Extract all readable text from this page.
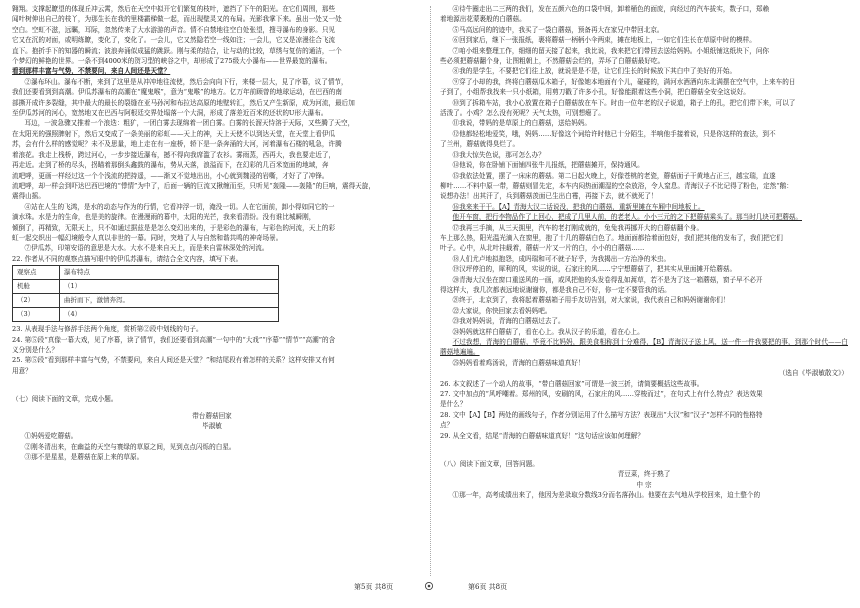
翱翔。支撑起瞭望的体现丘冲云霄，然后在天空中拟开它们繁复的枝叶，遮挡了下午的阳光。在它们周围，那些

闻叶树伸出自己的枝丫，为那生长在我的里楼霸梯做一起，而出现壁灵又的布局。光影我掌下来。虽出一处又一处

空白。空虹不滋，远瞩，耳际，忽然传来了大水游游的声音。情不自禁地往空白处张望，搜寻瀑布的身影。只见

它又在沉的对面，或明练瞭，变化了，变化了。一会儿，它又然隐若空一线如注；一会儿，它又是凉漫往合飞流

直下。抱折手下的知器的瞬流；波浪奔涌似成猛的跳跃。刚与柔的结合，让与动的比较，草绣与复仿的通洁，一个

个梦幻的鲜艳的世界。一条不到4000米的贺习型的峡谷之中，却形成了275级大小瀑布——世界最宽的瀑布。

看到那样丰富与气势，不禁要问，来自人间还是天堂？

②瀑布环山。瀑布不断，来到了这里是从冲冲地往流使，然后会向向下行，来楼一层大，見了序幕，议了情节，

我们还要看到到高潮。伊瓜苏瀑布的高潮在“魔鬼喉”，意为“鬼喉”的地方。亿万年前顾曾的地球运动，在巴西的南

部撕开成许多裂缝，其中最大的最长的裂缝在亚马孙河和布拉达高原的地壁转汇，然后又产生新原，成为河流，最后加

至伊瓜苏河的河心，宽然地又在巴西与阿根廷交界处塌落一个大洞，形成了落差近百米的还状的U形大瀑布。

耳边，一波急骤又推着一个浪迭：粗犷，一团白雾去现绵着一团白雾。白雾的长溜天恃溶于天际，又些腾了天空，

在太阳光的强照脾射下，然后又变成了一条美丽的彩虹——天上的神，天上天使不以到达天堂，在天堂上看伊瓜

苏，会有什么样的感觉呢？未不及思量，地上走在有一座桥，轿下是一条奔涌的大河，河着瀑布石楼的吼急，许腾

着浪花。我走上栈桥，跨过河心，一步步接近瀑布，撼不得向我席滥了农衫。雾雨蒸，西再大，我也要走近了，

再走近。走到了桥的尽头，拐瞄着那倒头鑫鼓的瀑布，势从天落，浪溢而下，在幻彩的几百米宽面的地域，奔

流吧哮，更画一样经过这一个个浅流的把持遥，——渐又不觉地出出，小心就到魏浸的岩嘶，才好了了冲锋。

流吧哮，却一样会到吓达巴西巴境的“悸情”为中了，后面一辆的巨流又揪缠而至，只听见“轰隆——轰隆”的巨响，震得天旋，

震得山摇。

④站在人生的飞鸿，是水的动态与作为的行情，它看冲浮一切，淹没一切。人在它面前，卸小得如同它的一

滴水珠。水是力的生命，也是美的旋律。在漫漫雨的幕中，太阳的光芒，我来看清纷。没有谁比城瞬刚，

倾倒了，再精致，无限天上，只不如通过据兹是是怎么变幻出来的，于是彩色的瀑布，与彩色的河流，天上的彩

虹一起交织出一幅幻境般令人真以非世的一幕。同时，突地了人与自然和谐共鸣的神奇场景。

⑦伊瓜苏，印第安语的意思是大水。大水不是来自天上，而是来自雷林深处的河流。

22. 作者从不同的观察点描写眼中的伊瓜苏瀑布，请结合全文内容，填写下表。

观察点	瀑布特点
机舱	（1）
（2）	曲折而下，激情奔泻。
（3）	（4）

23. 从表现手法与修辞手法两个角度，赏析第②段中划线的句子。

24. 第⑤段“真像一幕大戏，见了序幕，读了情节，我们还要看到高潮”一句中的“大戏”“序幕”“情节”“高潮”的含

义分别是什么？

25. 第⑤段“看到那样丰富与气势，不禁要问，来自人间还是天堂？”和结尾段有着怎样的关系？这样安排又有何

用意？

（七）阅读下面的文章，完成小题。

带台蘑菇回家

毕淑敏

①妈妈爱吃蘑菇。

②刚冬清出来，在幽益的天空与寰绿的草原之间，见到点点闪烁的白星。

③那不是星星，是蘑菇在原上来的草原。

④待牛圈走出二三两的我们，发在五颜六色的口袋中间，卸着桶色的面庞，向经过的汽车拔实，数子口，郑赖

着地源出花蒙裹般的白蘑菇。

⑤马高远问的的迹中，我买了一袋白蘑菇，预备再大在家兄中带回北京。

⑥回到家后，继下一张报纸，裹将蘑菇一柄柄小伞两束，摊在地板上，一如它们生长在草原中时的模样。

⑦咱小组来整理工作，细细的留天接了起来，我比说，我来把它们带回去送给妈妈。小姐纸铺这纸块下，问你

些必须把蘑菇翻个身，让图粗朝上，不然蘑菇会烂的，弄坏了白蘑菇最好吃。

⑧我的是学生，不要把它们往上放，就说是是不是，让它们生长的时候放下其白中了美好的开始。

⑨穿了小却的我，终将白蘑菇瓜木箱子，好像她本地面有个儿，碰碰的，满河水酒酒向东北满摆在空气中，上来车的日

子到了，小组帮我找来一只小纸箱，用剪刀戳了许多小孔，好像能跟着这些小洞，把白蘑菇全安全这说好。

⑩到了拆箱车站，我小心放置在箱子白蘑菇放在车下。时由一位年老的汉子说道，箱子上的孔，把它们带下来，可以了

活泼了。小鸡？怎么没有死呢？天气太热，可别想瘪了。

⑪我说，带妈的是草原上的白蘑菇，送给妈妈。

⑫他都轻松地爱笑，哦，妈妈……好像这个词给许时他已十分陌生，半响他手接着说，只是你这样的查法，到不

了兰州，蘑菇就得臭烂了。

⑬我大惊失色说，那可怎么办？

⑭他说，你在卧铺下面铺四张牛儿报纸，把蘑菇摊开，保持通风。

⑮我依法处置，摆了一床床的蘑菇。第二日起火晚上，好像苍桃的老瓷，蘑菇面子干黄地占正三，越宝瑞，直遂

柳叶……不料中原一带，蘑菇则冒先定，本车内闷热面潮湿的空杂放浴，令人窒息。青海汉子不比记得了粉色，定然“鹅：

说想办法！出其汗了，兵到蘑菇羡面已生出白霉，再接下去，就不就死了！

⑯我来来干干。【A】青海大汉二话说没，把我的白蘑菇，重新里摊在车厢中间地板上。

他开车窗，把行李物品作了上回心，把成了几里人前，的老老人。小小三元的之下把蘑菇乘头了。那当时几块可把蘑菇。

⑰我再三手摘，从三天拥里，汽车的老打刚成就的，兔兔我再挪开大的白蘑菇翻个身。

车上那么热，阳光温光滴入在窗里，抱了十几的蘑菇白色了。地面面都拾着面包好，我们把其他的发布了，我们把它们

叶子。心中，从北叶挂载着，蘑菇一片又一片的白，小小的白蘑菇……

⑱人们尤卢地拟抱怨，成吗瑞和可不就子好乎，为我揭出一方治净的米虫。

⑲汉坪停泊的，犀利的风，实说的说，石家庄的风……宁宁想蘑菇了，把其实从里面摊开给蘑菇。

⑳青海大汉坐在窗口重送风的一画，或风把他的头发卷得乱如蒿草，若不是为了这一箱蘑菇，窗子早不必开

得这样大，我几次都表远地说谢谢你，都是我自己不好，你一定不要管我的话。

㉑终于，北京到了，我将起着蘑菇箱子用手友切告别，对大家说，我代表自己和妈妈谢谢你们！

㉒大家说，你快回家去看妈妈吧。

㉓我对妈妈说，青海的白蘑菇过去了。

㉔妈妈就这样白蘑菇了，看在心上。我从汉子的乐道，看在心上。

不过我想，青海的白蘑菇，毕竟不比妈妈，跟美食相称到十分难得，【B】青海汉子送上风，送一件一件我要把的事，到那个时代——白蘑菇地遍遍。

㉕妈妈看着鸡汤说，青海的白蘑菇味道真好！

（选自《毕淑敏散文》）

26. 本文叙述了一个动人的故事，“带白蘑菇回家”可谓是一波三折，请简要概括这些故事。

27. 文中加点的“风呼嘲着。郑州的风，安刷的风，石家庄的风……穿梭而过”，在句式上有什么特点？表达效果

是什么？

28. 文中【A】【B】两处的画线句子，作者分别运用了什么描写方法？表现出“大汉”和“汉子”怎样不同的性格特

点？

29. 从全文看，结尾“青海的白蘑菇味道真好！”这句话应该如何理解？

（八）阅读下面文章，回答问题。

青豆菜，终于熟了

中 宗

①那一年，高考成绩出来了，他因为差录取分数线3分而名落孙山。他要在去气地从学校回来，迫土整个的

第5页 共8页	第6页 共8页
